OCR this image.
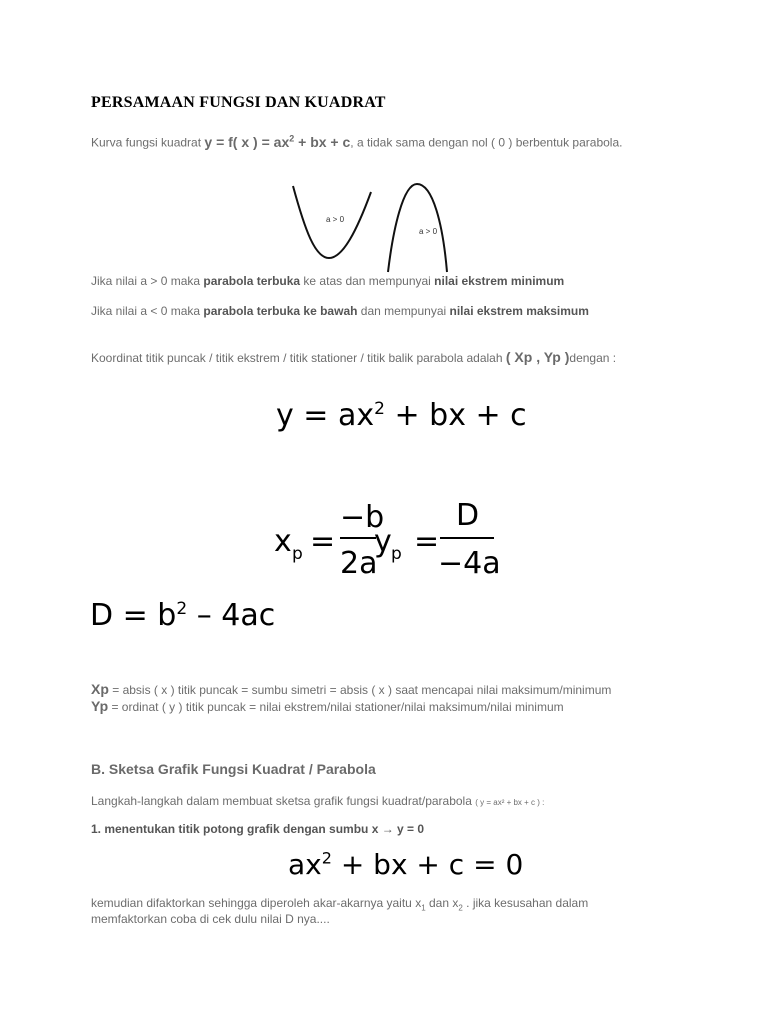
PERSAMAAN FUNGSI DAN KUADRAT
Kurva fungsi kuadrat y = f( x ) = $ax^2$ + bx + c, a tidak sama dengan nol ( 0 ) berbentuk parabola.
a > 0
a > 0
Jika nilai a > 0 maka parabola terbuka ke atas dan mempunyai nilai ekstrem minimum
Jika nilai a < 0 maka parabola terbuka ke bawah dan mempunyai nilai ekstrem maksimum
Koordinat titik puncak / titik ekstrem / titik stationer / titik balik parabola adalah ( Xp , Yp )dengan :
$y = ax^2$ + bx + c
x p =
−b
2a
y p =
D
−4a
$D = b^2 - 4ac$
Xp = absis ( x ) titik puncak = sumbu simetri = absis ( x ) saat mencapai nilai maksimum/minimum
Yp = ordinat ( y ) titik puncak = nilai ekstrem/nilai stationer/nilai maksimum/nilai minimum
B. Sketsa Grafik Fungsi Kuadrat / Parabola
Langkah-langkah dalam membuat sketsa grafik fungsi kuadrat/parabola ( y = ax² + bx + c ) :
1. menentukan titik potong grafik dengan sumbu x → y = 0
$ax^2$ + bx + c = 0
kemudian difaktorkan sehingga diperoleh akar-akarnya yaitu $x_1$ dan $x_2$ . jika kesusahan dalam
memfaktorkan coba di cek dulu nilai D nya....
